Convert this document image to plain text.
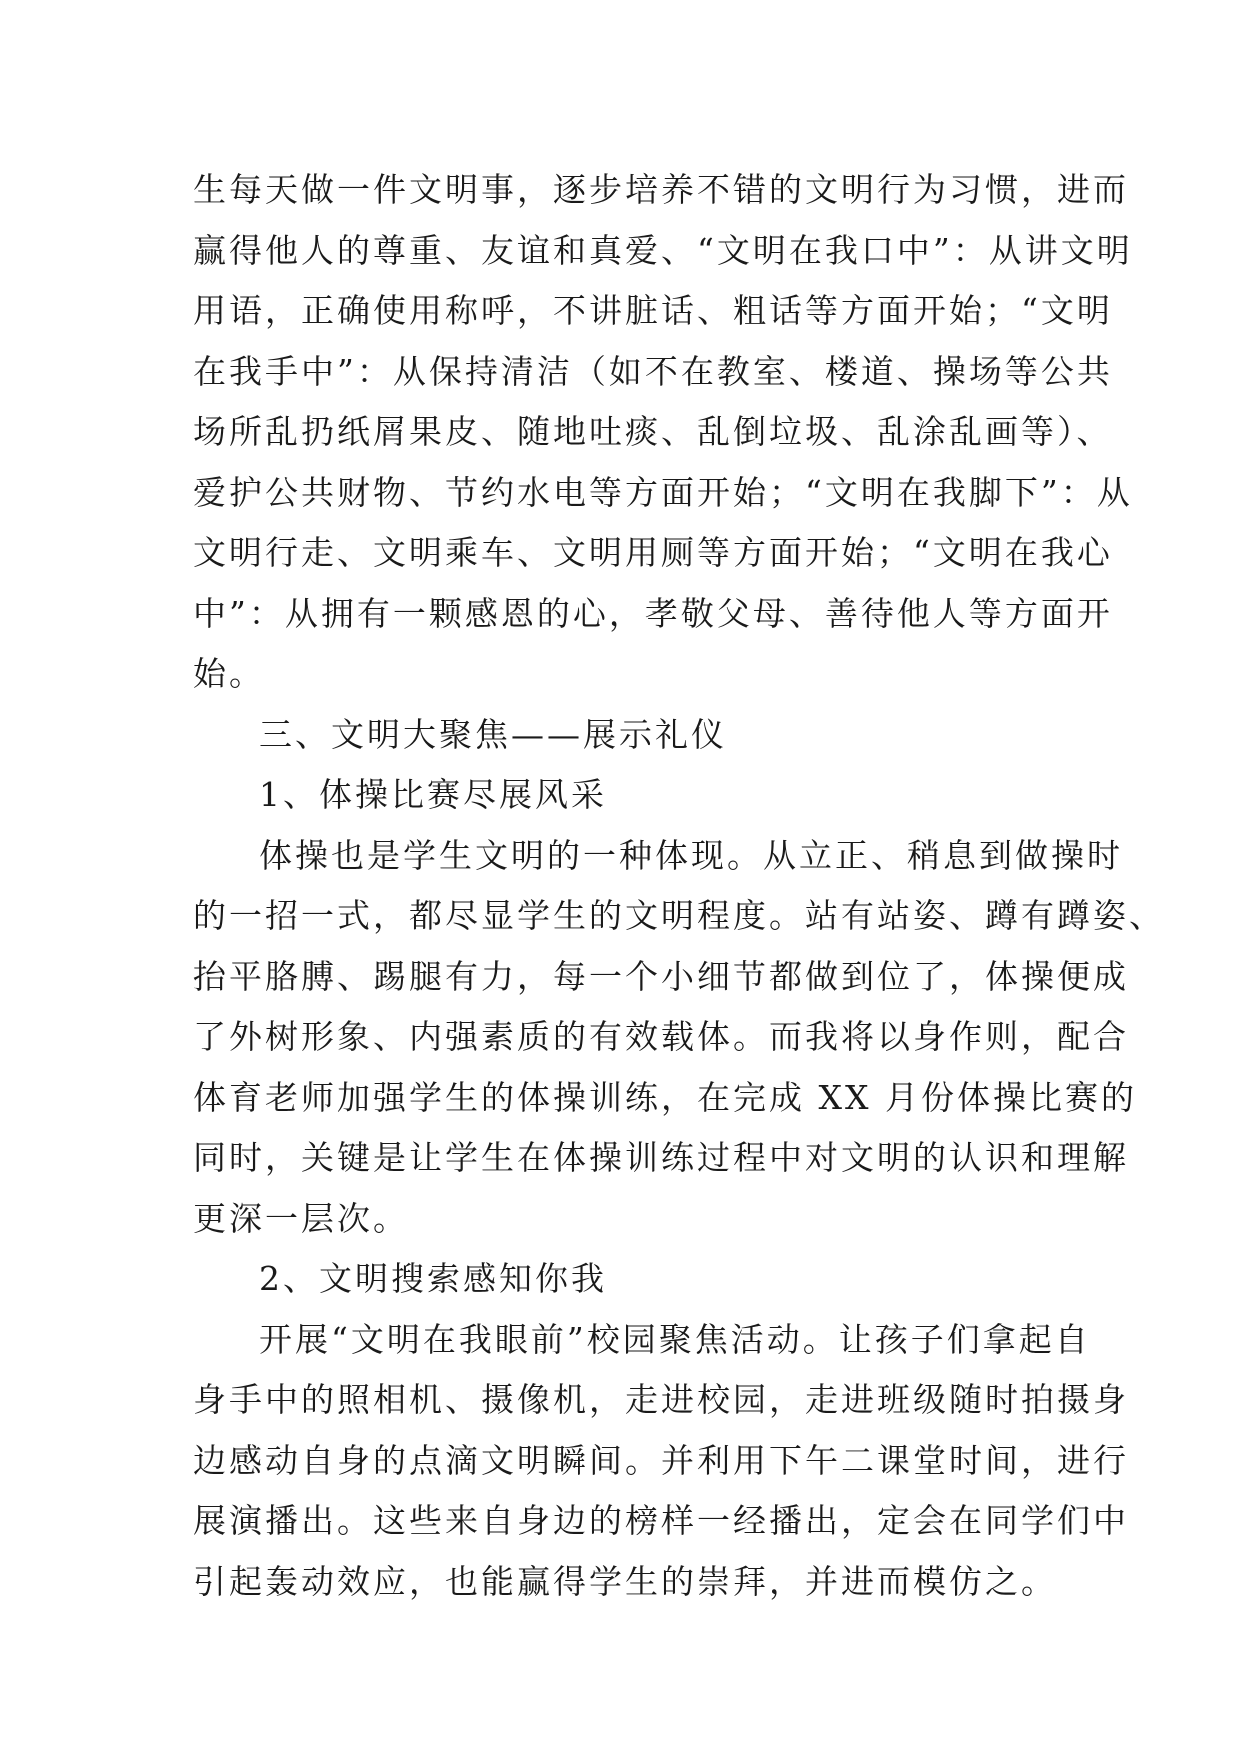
生每天做一件文明事，逐步培养不错的文明行为习惯，进而
赢得他人的尊重、友谊和真爱、“文明在我口中”：从讲文明
用语，正确使用称呼，不讲脏话、粗话等方面开始；“文明
在我手中”：从保持清洁（如不在教室、楼道、操场等公共
场所乱扔纸屑果皮、随地吐痰、乱倒垃圾、乱涂乱画等）、
爱护公共财物、节约水电等方面开始；“文明在我脚下”：从
文明行走、文明乘车、文明用厕等方面开始；“文明在我心
中”：从拥有一颗感恩的心，孝敬父母、善待他人等方面开
始。
三、文明大聚焦——展示礼仪
1、体操比赛尽展风采
体操也是学生文明的一种体现。从立正、稍息到做操时
的一招一式，都尽显学生的文明程度。站有站姿、蹲有蹲姿、
抬平胳膊、踢腿有力，每一个小细节都做到位了，体操便成
了外树形象、内强素质的有效载体。而我将以身作则，配合
体育老师加强学生的体操训练，在完成 XX 月份体操比赛的
同时，关键是让学生在体操训练过程中对文明的认识和理解
更深一层次。
2、文明搜索感知你我
开展“文明在我眼前”校园聚焦活动。让孩子们拿起自
身手中的照相机、摄像机，走进校园，走进班级随时拍摄身
边感动自身的点滴文明瞬间。并利用下午二课堂时间，进行
展演播出。这些来自身边的榜样一经播出，定会在同学们中
引起轰动效应，也能赢得学生的崇拜，并进而模仿之。
